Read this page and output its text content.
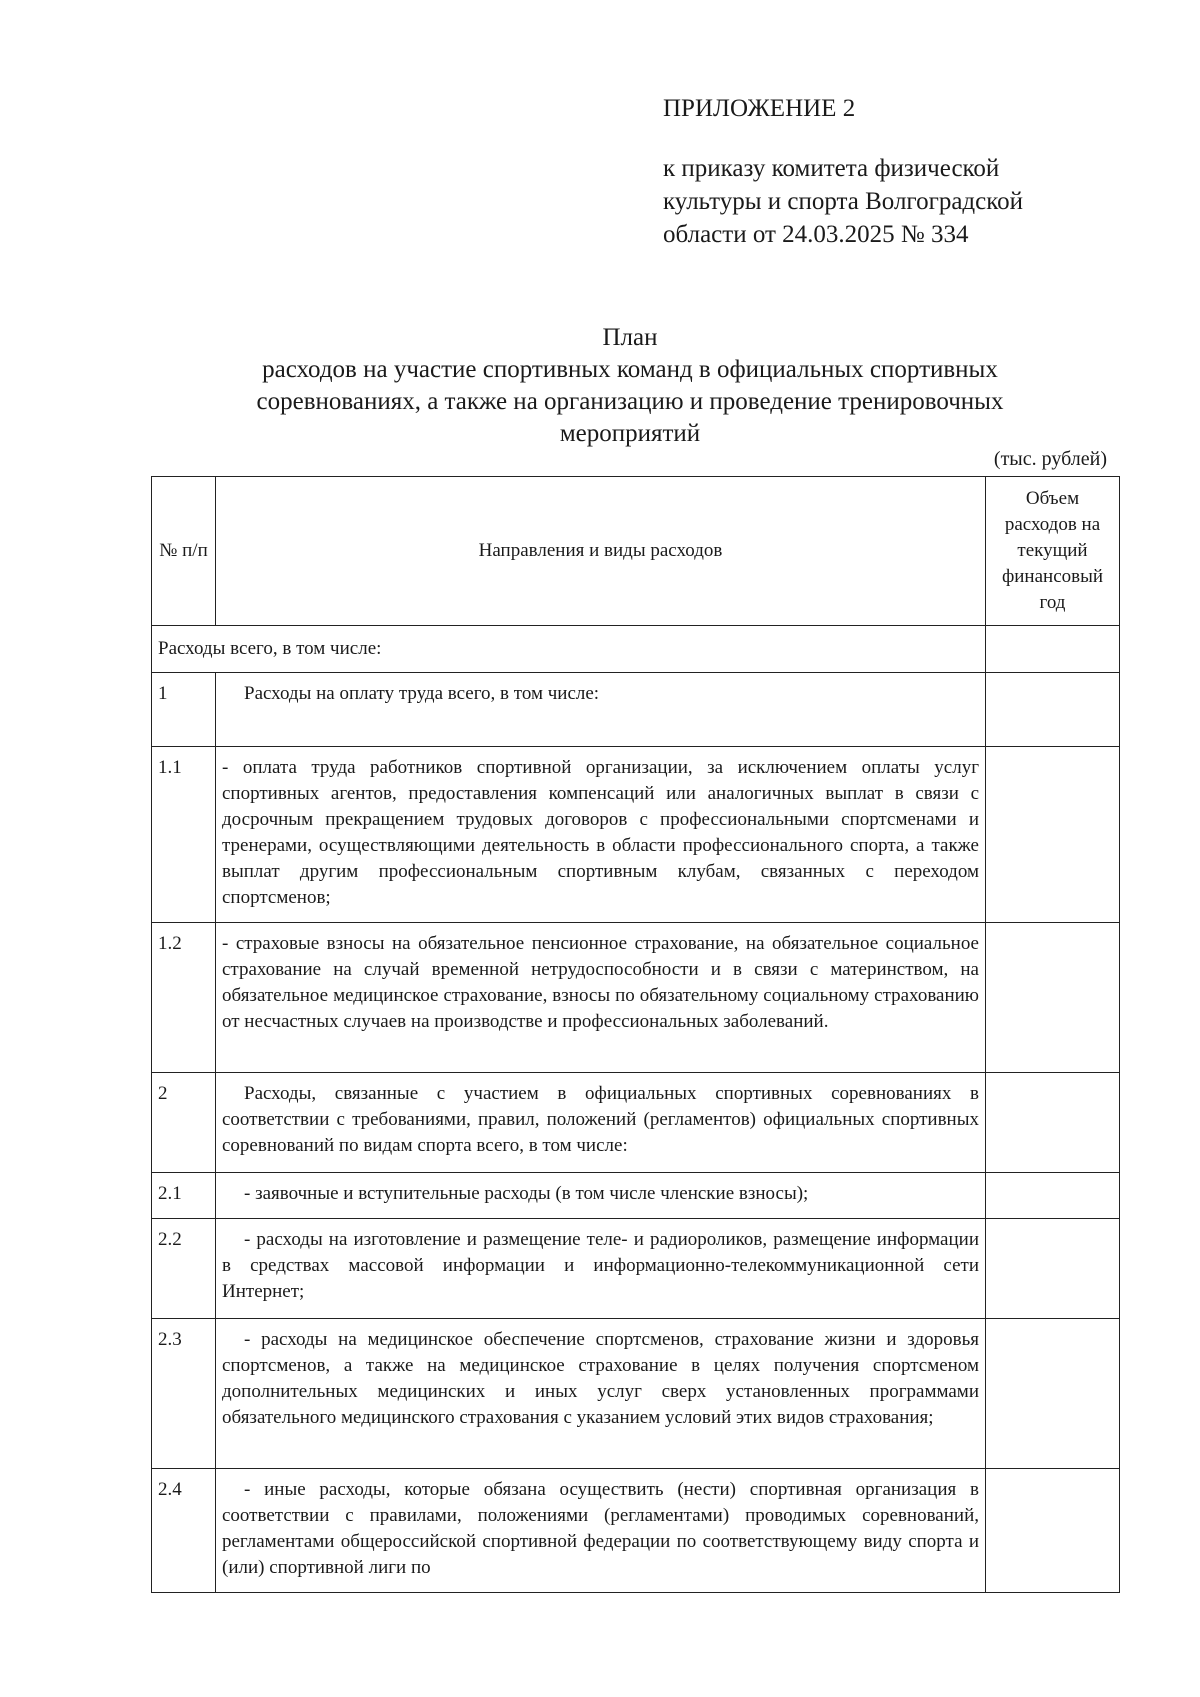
ПРИЛОЖЕНИЕ 2
к приказу комитета физической
культуры и спорта Волгоградской
области от 24.03.2025 № 334
План
расходов на участие спортивных команд в официальных спортивных
соревнованиях, а также на организацию и проведение тренировочных
мероприятий
(тыс. рублей)
№ п/п	Направления и виды расходов	Объем расходов на текущий финансовый год
Расходы всего, в том числе:		
1	Расходы на оплату труда всего, в том числе:	
1.1	- оплата труда работников спортивной организации, за исключением оплаты услуг спортивных агентов, предоставления компенсаций или аналогичных выплат в связи с досрочным прекращением трудовых договоров с профессиональными спортсменами и тренерами, осуществляющими деятельность в области профессионального спорта, а также выплат другим профессиональным спортивным клубам, связанных с переходом спортсменов;	
1.2	- страховые взносы на обязательное пенсионное страхование, на обязательное социальное страхование на случай временной нетрудоспособности и в связи с материнством, на обязательное медицинское страхование, взносы по обязательному социальному страхованию от несчастных случаев на производстве и профессиональных заболеваний.	
2	Расходы, связанные с участием в официальных спортивных соревнованиях в соответствии с требованиями, правил, положений (регламентов) официальных спортивных соревнований по видам спорта всего, в том числе:	
2.1	- заявочные и вступительные расходы (в том числе членские взносы);	
2.2	- расходы на изготовление и размещение теле- и радиороликов, размещение информации в средствах массовой информации и информационно-телекоммуникационной сети Интернет;	
2.3	- расходы на медицинское обеспечение спортсменов, страхование жизни и здоровья спортсменов, а также на медицинское страхование в целях получения спортсменом дополнительных медицинских и иных услуг сверх установленных программами обязательного медицинского страхования с указанием условий этих видов страхования;	
2.4	- иные расходы, которые обязана осуществить (нести) спортивная организация в соответствии с правилами, положениями (регламентами) проводимых соревнований, регламентами общероссийской спортивной федерации по соответствующему виду спорта и (или) спортивной лиги по	
